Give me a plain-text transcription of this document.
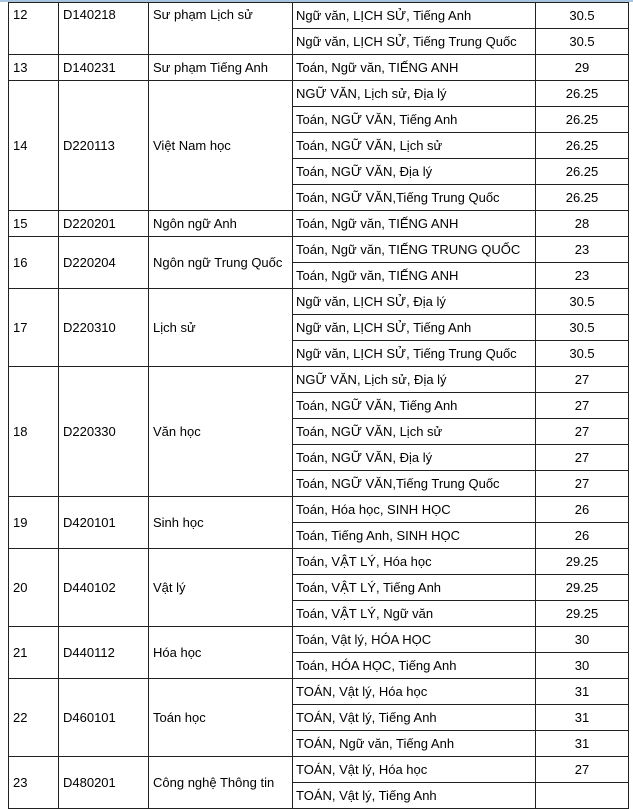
12	D140218	Sư phạm Lịch sử	Ngữ văn, LỊCH SỬ, Tiếng Anh	30.5
			Ngữ văn, LỊCH SỬ, Tiếng Trung Quốc	30.5
13	D140231	Sư phạm Tiếng Anh	Toán, Ngữ văn, TIẾNG ANH	29
14	D220113	Việt Nam học	NGỮ VĂN, Lịch sử, Địa lý	26.25
			Toán, NGỮ VĂN, Tiếng Anh	26.25
			Toán, NGỮ VĂN, Lịch sử	26.25
			Toán, NGỮ VĂN, Địa lý	26.25
			Toán, NGỮ VĂN,Tiếng Trung Quốc	26.25
15	D220201	Ngôn ngữ Anh	Toán, Ngữ văn, TIẾNG ANH	28
16	D220204	Ngôn ngữ Trung Quốc	Toán, Ngữ văn, TIẾNG TRUNG QUỐC	23
			Toán, Ngữ văn, TIẾNG ANH	23
17	D220310	Lịch sử	Ngữ văn, LỊCH SỬ, Địa lý	30.5
			Ngữ văn, LỊCH SỬ, Tiếng Anh	30.5
			Ngữ văn, LỊCH SỬ, Tiếng Trung Quốc	30.5
18	D220330	Văn học	NGỮ VĂN, Lịch sử, Địa lý	27
			Toán, NGỮ VĂN, Tiếng Anh	27
			Toán, NGỮ VĂN, Lịch sử	27
			Toán, NGỮ VĂN, Địa lý	27
			Toán, NGỮ VĂN,Tiếng Trung Quốc	27
19	D420101	Sinh học	Toán, Hóa học, SINH HỌC	26
			Toán, Tiếng Anh, SINH HỌC	26
20	D440102	Vật lý	Toán, VẬT LÝ, Hóa học	29.25
			Toán, VẬT LÝ, Tiếng Anh	29.25
			Toán, VẬT LÝ, Ngữ văn	29.25
21	D440112	Hóa học	Toán, Vật lý, HÓA HỌC	30
			Toán, HÓA HỌC, Tiếng Anh	30
22	D460101	Toán học	TOÁN, Vật lý, Hóa học	31
			TOÁN, Vật lý, Tiếng Anh	31
			TOÁN, Ngữ văn, Tiếng Anh	31
23	D480201	Công nghệ Thông tin	TOÁN, Vật lý, Hóa học	27
			TOÁN, Vật lý, Tiếng Anh	
